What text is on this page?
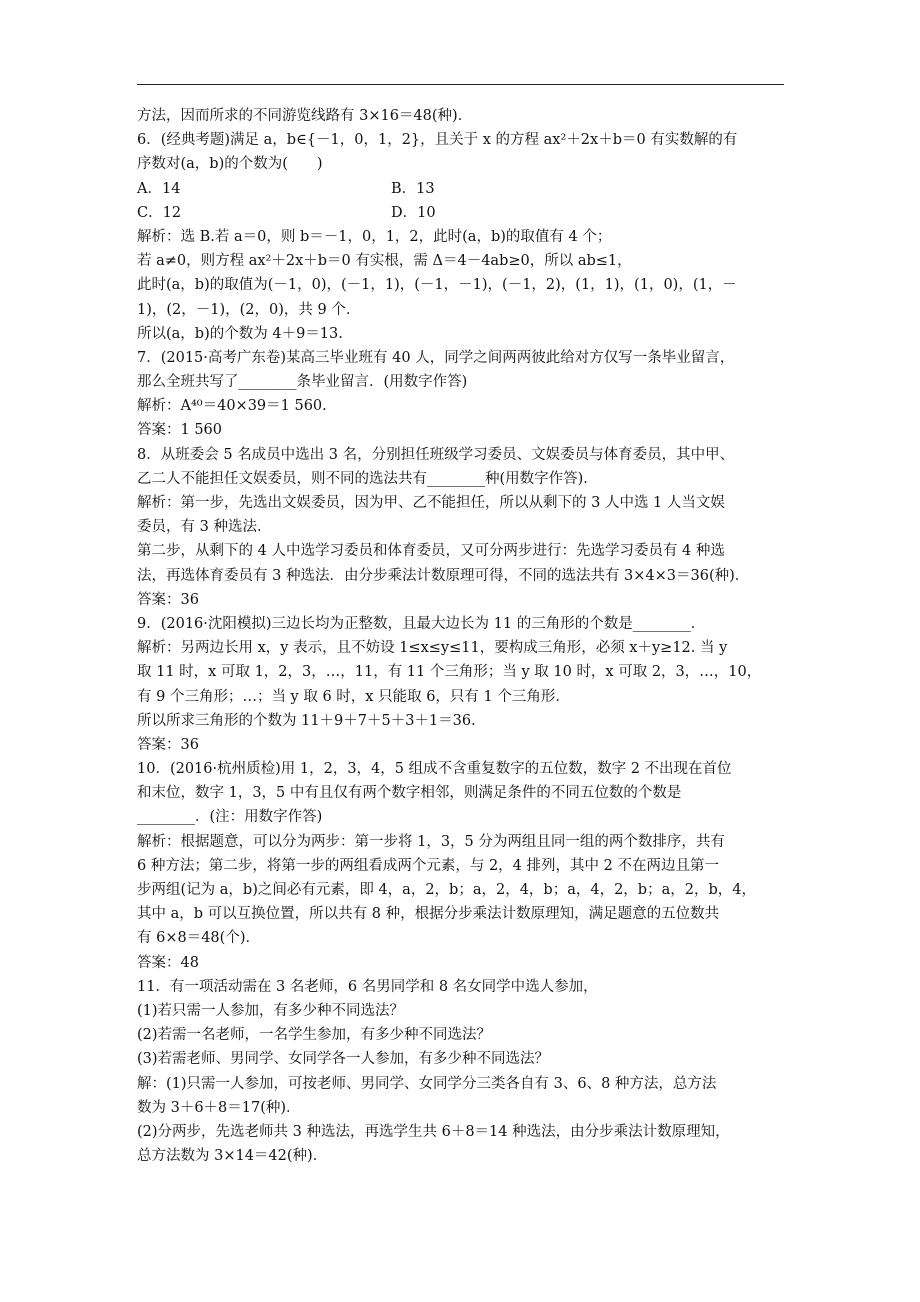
方法，因而所求的不同游览线路有 3×16＝48(种)．
6．(经典考题)满足 a，b∈{－1，0，1，2}，且关于 x 的方程 ax²＋2x＋b＝0 有实数解的有
序数对(a，b)的个数为(　　)
A．14	B．13
C．12	D．10
解析：选 B.若 a＝0，则 b＝－1，0，1，2，此时(a，b)的取值有 4 个；
若 a≠0，则方程 ax²＋2x＋b＝0 有实根，需 Δ＝4－4ab≥0，所以 ab≤1，
此时(a，b)的取值为(－1，0)，(－1，1)，(－1，－1)，(－1，2)，(1，1)，(1，0)，(1，－
1)，(2，－1)，(2，0)，共 9 个．
所以(a，b)的个数为 4＋9＝13.
7．(2015·高考广东卷)某高三毕业班有 40 人，同学之间两两彼此给对方仅写一条毕业留言，
那么全班共写了________条毕业留言．(用数字作答)
解析：A⁴⁰＝40×39＝1 560.
答案：1 560
8．从班委会 5 名成员中选出 3 名，分别担任班级学习委员、文娱委员与体育委员，其中甲、
乙二人不能担任文娱委员，则不同的选法共有________种(用数字作答)．
解析：第一步，先选出文娱委员，因为甲、乙不能担任，所以从剩下的 3 人中选 1 人当文娱
委员，有 3 种选法．
第二步，从剩下的 4 人中选学习委员和体育委员，又可分两步进行：先选学习委员有 4 种选
法，再选体育委员有 3 种选法．由分步乘法计数原理可得，不同的选法共有 3×4×3＝36(种)．
答案：36
9．(2016·沈阳模拟)三边长均为正整数，且最大边长为 11 的三角形的个数是________．
解析：另两边长用 x，y 表示，且不妨设 1≤x≤y≤11，要构成三角形，必须 x＋y≥12. 当 y
取 11 时，x 可取 1，2，3，…，11，有 11 个三角形；当 y 取 10 时，x 可取 2，3，…，10，
有 9 个三角形；…；当 y 取 6 时，x 只能取 6，只有 1 个三角形．
所以所求三角形的个数为 11＋9＋7＋5＋3＋1＝36.
答案：36
10．(2016·杭州质检)用 1，2，3，4，5 组成不含重复数字的五位数，数字 2 不出现在首位
和末位，数字 1，3，5 中有且仅有两个数字相邻，则满足条件的不同五位数的个数是
________．(注：用数字作答)
解析：根据题意，可以分为两步：第一步将 1，3，5 分为两组且同一组的两个数排序，共有
6 种方法；第二步，将第一步的两组看成两个元素，与 2，4 排列，其中 2 不在两边且第一
步两组(记为 a，b)之间必有元素，即 4，a，2，b；a，2，4，b；a，4，2，b；a，2，b，4，
其中 a，b 可以互换位置，所以共有 8 种，根据分步乘法计数原理知，满足题意的五位数共
有 6×8＝48(个)．
答案：48
11．有一项活动需在 3 名老师，6 名男同学和 8 名女同学中选人参加，
(1)若只需一人参加，有多少种不同选法？
(2)若需一名老师，一名学生参加，有多少种不同选法？
(3)若需老师、男同学、女同学各一人参加，有多少种不同选法？
解：(1)只需一人参加，可按老师、男同学、女同学分三类各自有 3、6、8 种方法，总方法
数为 3＋6＋8＝17(种)．
(2)分两步，先选老师共 3 种选法，再选学生共 6＋8＝14 种选法，由分步乘法计数原理知，
总方法数为 3×14＝42(种)．
